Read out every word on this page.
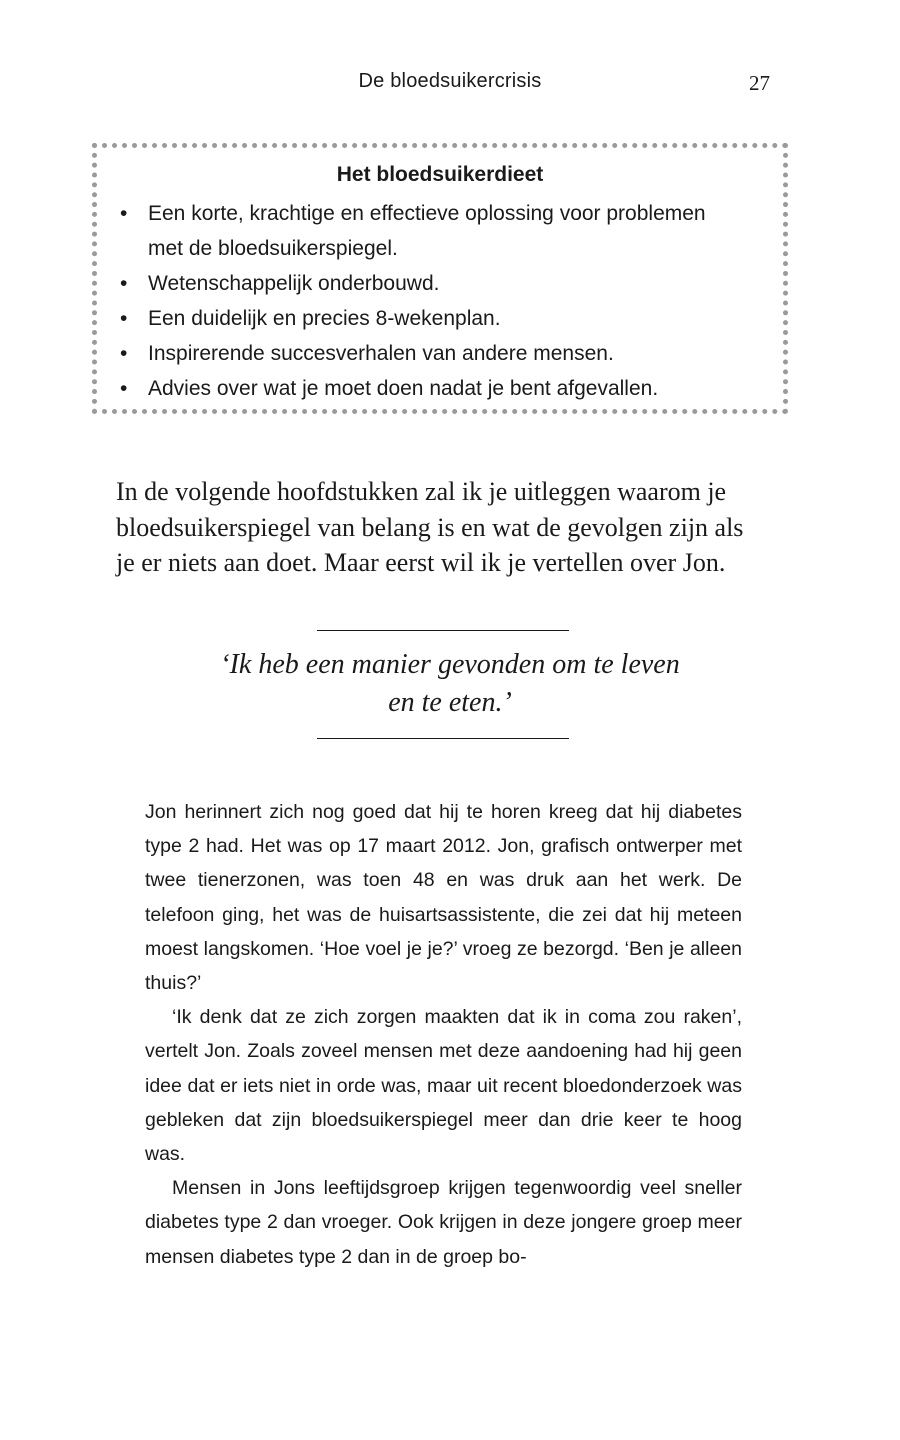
De bloedsuikercrisis	27
Het bloedsuikerdieet
• Een korte, krachtige en effectieve oplossing voor problemen
met de bloedsuikerspiegel.
• Wetenschappelijk onderbouwd.
• Een duidelijk en precies 8-wekenplan.
• Inspirerende succesverhalen van andere mensen.
• Advies over wat je moet doen nadat je bent afgevallen.

In de volgende hoofdstukken zal ik je uitleggen waarom je
bloedsuikerspiegel van belang is en wat de gevolgen zijn als
je er niets aan doet. Maar eerst wil ik je vertellen over Jon.

‘Ik heb een manier gevonden om te leven
en te eten.’

Jon herinnert zich nog goed dat hij te horen kreeg dat hij diabetes type 2 had. Het was op 17 maart 2012. Jon, grafisch ontwerper met twee tienerzonen, was toen 48 en was druk aan het werk. De telefoon ging, het was de huisartsassistente, die zei dat hij meteen moest langskomen. ‘Hoe voel je je?’ vroeg ze bezorgd. ‘Ben je alleen thuis?’

‘Ik denk dat ze zich zorgen maakten dat ik in coma zou raken’, vertelt Jon. Zoals zoveel mensen met deze aandoening had hij geen idee dat er iets niet in orde was, maar uit recent bloedonderzoek was gebleken dat zijn bloedsuikerspiegel meer dan drie keer te hoog was.

Mensen in Jons leeftijdsgroep krijgen tegenwoordig veel sneller diabetes type 2 dan vroeger. Ook krijgen in deze jongere groep meer mensen diabetes type 2 dan in de groep bo-
